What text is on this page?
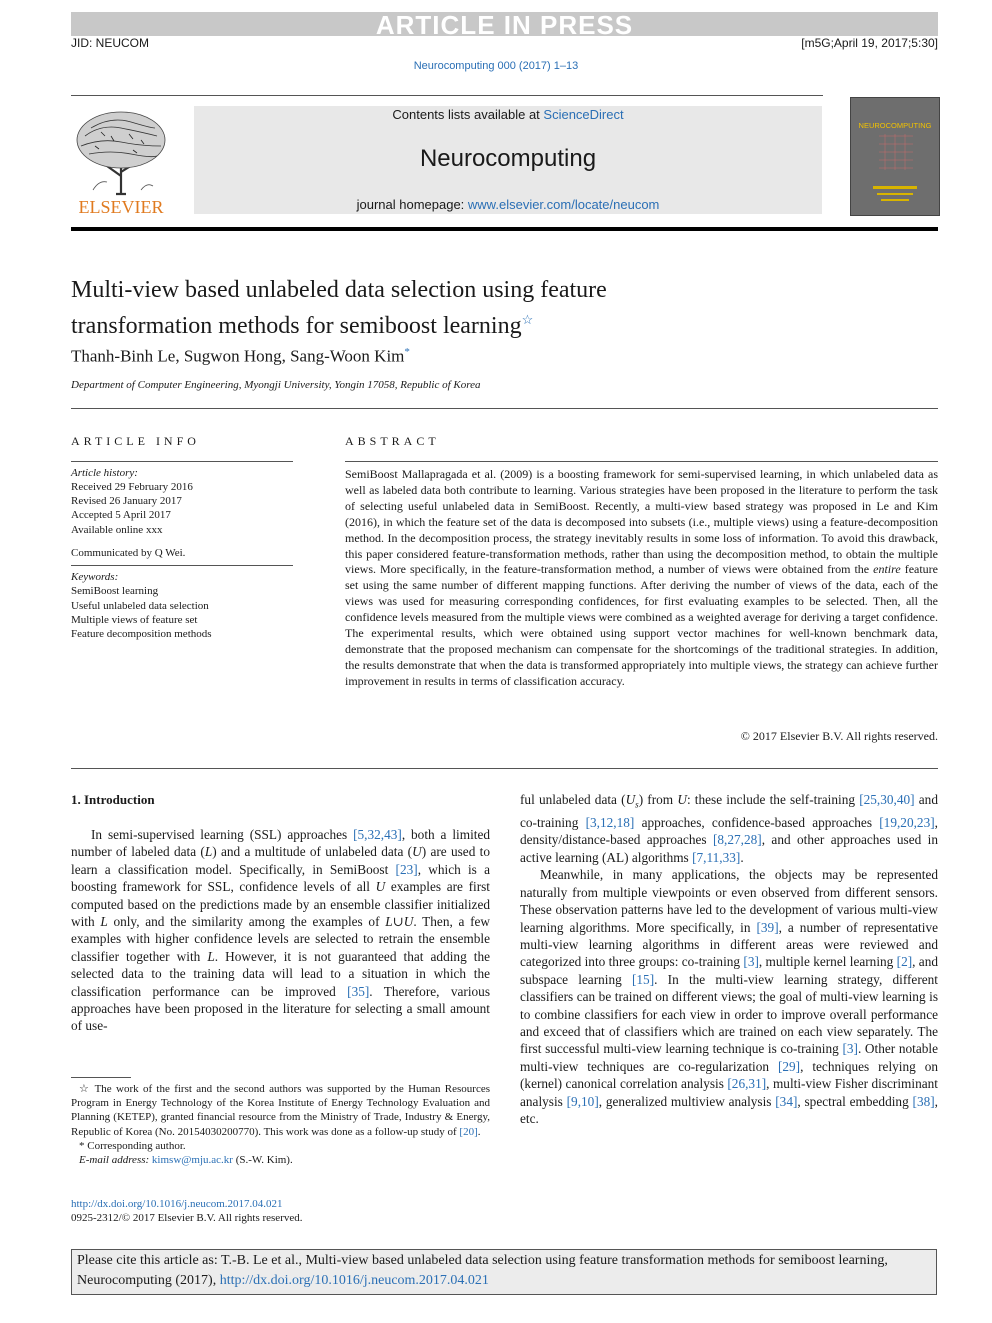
ARTICLE IN PRESS
JID: NEUCOM	[m5G;April 19, 2017;5:30]
Neurocomputing 000 (2017) 1–13
ELSEVIER
Contents lists available at ScienceDirect
Neurocomputing
journal homepage: www.elsevier.com/locate/neucom
NEUROCOMPUTING
Multi-view based unlabeled data selection using feature
transformation methods for semiboost learning☆
Thanh-Binh Le, Sugwon Hong, Sang-Woon Kim*
Department of Computer Engineering, Myongji University, Yongin 17058, Republic of Korea
ARTICLE INFO	ABSTRACT
Article history:
Received 29 February 2016
Revised 26 January 2017
Accepted 5 April 2017
Available online xxx
Communicated by Q Wei.
Keywords:
SemiBoost learning
Useful unlabeled data selection
Multiple views of feature set
Feature decomposition methods
SemiBoost Mallapragada et al. (2009) is a boosting framework for semi-supervised learning, in which unlabeled data as well as labeled data both contribute to learning. Various strategies have been proposed in the literature to perform the task of selecting useful unlabeled data in SemiBoost. Recently, a multi-view based strategy was proposed in Le and Kim (2016), in which the feature set of the data is decomposed into subsets (i.e., multiple views) using a feature-decomposition method. In the decomposition process, the strategy inevitably results in some loss of information. To avoid this drawback, this paper considered feature-transformation methods, rather than using the decomposition method, to obtain the multiple views. More specifically, in the feature-transformation method, a number of views were obtained from the entire feature set using the same number of different mapping functions. After deriving the number of views of the data, each of the views was used for measuring corresponding confidences, for first evaluating examples to be selected. Then, all the confidence levels measured from the multiple views were combined as a weighted average for deriving a target confidence. The experimental results, which were obtained using support vector machines for well-known benchmark data, demonstrate that the proposed mechanism can compensate for the shortcomings of the traditional strategies. In addition, the results demonstrate that when the data is transformed appropriately into multiple views, the strategy can achieve further improvement in results in terms of classification accuracy.
© 2017 Elsevier B.V. All rights reserved.
1. Introduction

In semi-supervised learning (SSL) approaches [5,32,43], both a limited number of labeled data (L) and a multitude of unlabeled data (U) are used to learn a classification model. Specifically, in SemiBoost [23], which is a boosting framework for SSL, confidence levels of all U examples are first computed based on the predictions made by an ensemble classifier initialized with L only, and the similarity among the examples of L∪U. Then, a few examples with higher confidence levels are selected to retrain the ensemble classifier together with L. However, it is not guaranteed that adding the selected data to the training data will lead to a situation in which the classification performance can be improved [35]. Therefore, various approaches have been proposed in the literature for selecting a small amount of use-

ful unlabeled data $(U_s)$ from U: these include the self-training [25,30,40] and co-training [3,12,18] approaches, confidence-based approaches [19,20,23], density/distance-based approaches [8,27,28], and other approaches used in active learning (AL) algorithms [7,11,33].

Meanwhile, in many applications, the objects may be represented naturally from multiple viewpoints or even observed from different sensors. These observation patterns have led to the development of various multi-view learning algorithms. More specifically, in [39], a number of representative multi-view learning algorithms in different areas were reviewed and categorized into three groups: co-training [3], multiple kernel learning [2], and subspace learning [15]. In the multi-view learning strategy, different classifiers can be trained on different views; the goal of multi-view learning is to combine classifiers for each view in order to improve overall performance and exceed that of classifiers which are trained on each view separately. The first successful multi-view learning technique is co-training [3]. Other notable multi-view techniques are co-regularization [29], techniques relying on (kernel) canonical correlation analysis [26,31], multi-view Fisher discriminant analysis [9,10], generalized multiview analysis [34], spectral embedding [38], etc.

☆ The work of the first and the second authors was supported by the Human Resources Program in Energy Technology of the Korea Institute of Energy Technology Evaluation and Planning (KETEP), granted financial resource from the Ministry of Trade, Industry & Energy, Republic of Korea (No. 20154030200770). This work was done as a follow-up study of [20].

* Corresponding author.

E-mail address: kimsw@mju.ac.kr (S.-W. Kim).

http://dx.doi.org/10.1016/j.neucom.2017.04.021
0925-2312/© 2017 Elsevier B.V. All rights reserved.
Please cite this article as: T.-B. Le et al., Multi-view based unlabeled data selection using feature transformation methods for semiboost learning, Neurocomputing (2017), http://dx.doi.org/10.1016/j.neucom.2017.04.021
